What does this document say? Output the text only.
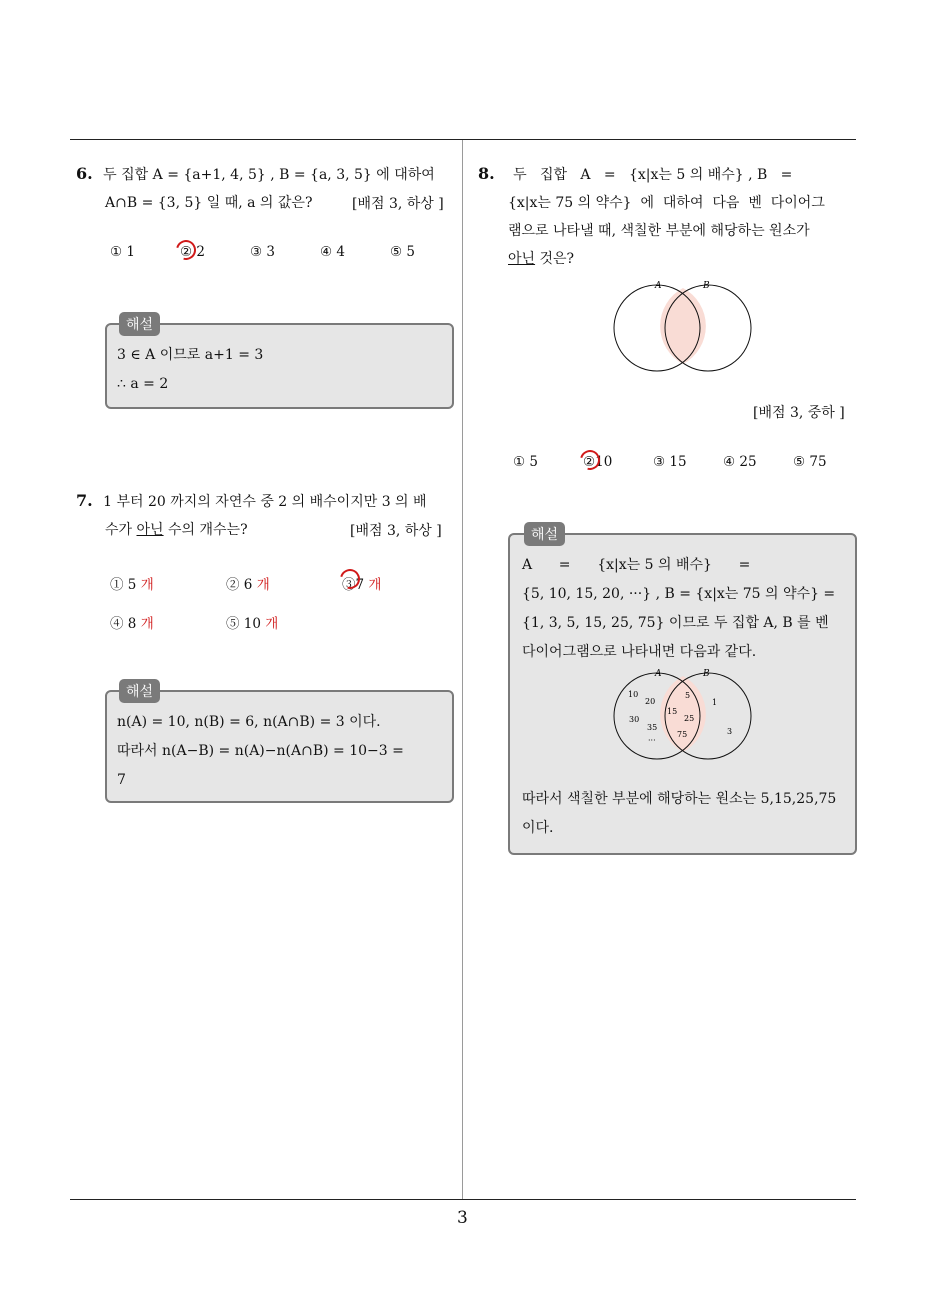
3
6. 두 집합 A = {a+1, 4, 5} , B = {a, 3, 5} 에 대하여
A∩B = {3, 5} 일 때, a 의 값은?	[배점 3, 하상 ]
① 1	② 2	③ 3	④ 4	⑤ 5
해설
3 ∈ A 이므로 a+1 = 3
∴ a = 2
7. 1 부터 20 까지의 자연수 중 2 의 배수이지만 3 의 배
수가 아닌 수의 개수는?	[배점 3, 하상 ]
① 5 개	② 6 개	③7 개
④ 8 개	⑤ 10 개
해설
n(A) = 10, n(B) = 6, n(A∩B) = 3 이다.
따라서 n(A−B) = n(A)−n(A∩B) = 10−3 =
7
8. 두   집합   A   =   {x|x는 5 의 배수} , B   =
{x|x는 75 의 약수}  에  대하여  다음  벤  다이어그
램으로 나타낼 때, 색칠한 부분에 해당하는 원소가
아닌 것은?
A	B
[배점 3, 중하 ]
① 5	②10	③ 15	④ 25	⑤ 75
해설
A      =      {x|x는 5 의 배수}      =
{5, 10, 15, 20, ···} , B = {x|x는 75 의 약수} =
{1, 3, 5, 15, 25, 75} 이므로 두 집합 A, B 를 벤
다이어그램으로 나타내면 다음과 같다.
A	B
10
20
30
35
···
5
15
25
75
1
3
따라서 색칠한 부분에 해당하는 원소는 5,15,25,75
이다.
